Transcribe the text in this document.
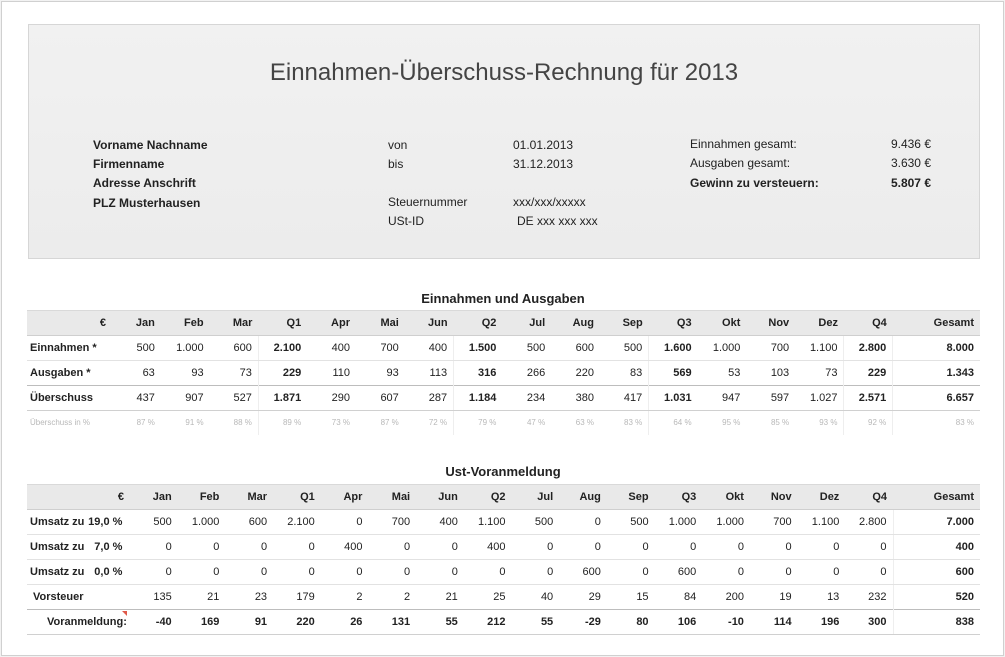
Einnahmen-Überschuss-Rechnung für 2013
Vorname Nachname
Firmenname
Adresse Anschrift
PLZ Musterhausen
von	01.01.2013
bis	31.12.2013
Steuernummer	xxx/xxx/xxxxx
USt-ID	DE xxx xxx xxx
Einnahmen gesamt:	9.436 €
Ausgaben gesamt:	3.630 €
Gewinn zu versteuern:	5.807 €
Einnahmen und Ausgaben
€	Jan	Feb	Mar	Q1	Apr	Mai	Jun	Q2	Jul	Aug	Sep	Q3	Okt	Nov	Dez	Q4	Gesamt
Einnahmen *	500	1.000	600	2.100	400	700	400	1.500	500	600	500	1.600	1.000	700	1.100	2.800	8.000
Ausgaben *	63	93	73	229	110	93	113	316	266	220	83	569	53	103	73	229	1.343
Überschuss	437	907	527	1.871	290	607	287	1.184	234	380	417	1.031	947	597	1.027	2.571	6.657
Überschuss in %	87 %	91 %	88 %	89 %	73 %	87 %	72 %	79 %	47 %	63 %	83 %	64 %	95 %	85 %	93 %	92 %	83 %
Ust-Voranmeldung
€	Jan	Feb	Mar	Q1	Apr	Mai	Jun	Q2	Jul	Aug	Sep	Q3	Okt	Nov	Dez	Q4	Gesamt
Umsatz zu 19,0 %	500	1.000	600	2.100	0	700	400	1.100	500	0	500	1.000	1.000	700	1.100	2.800	7.000
Umsatz zu 7,0 %	0	0	0	0	400	0	0	400	0	0	0	0	0	0	0	0	400
Umsatz zu 0,0 %	0	0	0	0	0	0	0	0	0	600	0	600	0	0	0	0	600
Vorsteuer	135	21	23	179	2	2	21	25	40	29	15	84	200	19	13	232	520
Voranmeldung:	-40	169	91	220	26	131	55	212	55	-29	80	106	-10	114	196	300	838
